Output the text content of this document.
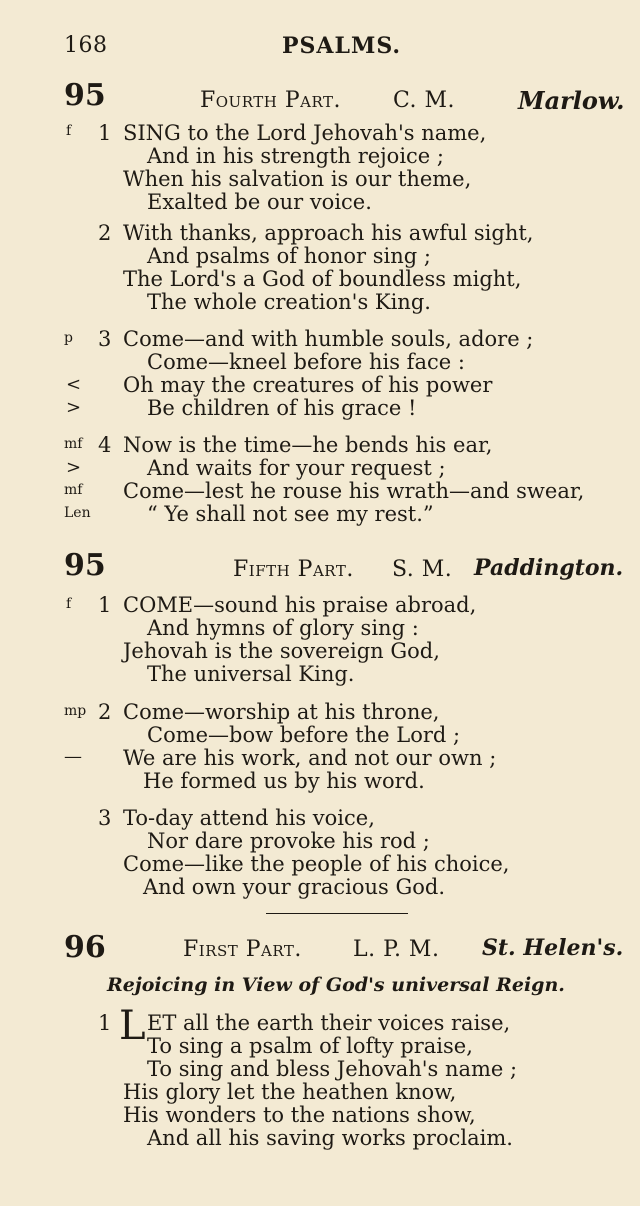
168	PSALMS.
95	Fourth Part. C. M.	Marlow.
f 1 SING to the Lord Jehovah's name,
And in his strength rejoice ;
When his salvation is our theme,
Exalted be our voice.
2 With thanks, approach his awful sight,
And psalms of honor sing ;
The Lord's a God of boundless might,
The whole creation's King.
p 3 Come—and with humble souls, adore ;
Come—kneel before his face :
< Oh may the creatures of his power
>	Be children of his grace !
mf 4 Now is the time—he bends his ear,
>	And waits for your request ;
mf Come—lest he rouse his wrath—and swear,
Len	“ Ye shall not see my rest.”
95	Fifth Part. S. M. Paddington.
f 1 COME—sound his praise abroad,
And hymns of glory sing :
Jehovah is the sovereign God,
The universal King.
mp 2 Come—worship at his throne,
Come—bow before the Lord ;
— We are his work, and not our own ;
He formed us by his word.
3 To-day attend his voice,
Nor dare provoke his rod ;
Come—like the people of his choice,
And own your gracious God.
96	First Part. L. P. M. St. Helen's.
Rejoicing in View of God's universal Reign.
1 L ET all the earth their voices raise,
To sing a psalm of lofty praise,
To sing and bless Jehovah's name ;
His glory let the heathen know,
His wonders to the nations show,
And all his saving works proclaim.
